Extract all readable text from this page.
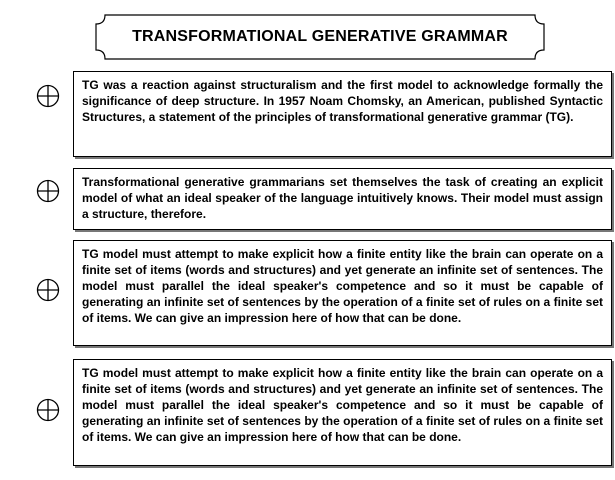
TRANSFORMATIONAL GENERATIVE GRAMMAR

TG was a reaction against structuralism and the first model to acknowledge formally the significance of deep structure. In 1957 Noam Chomsky, an American, published Syntactic Structures, a statement of the principles of transformational generative grammar (TG).

Transformational generative grammarians set themselves the task of creating an explicit model of what an ideal speaker of the language intuitively knows. Their model must assign a structure, therefore.

TG model must attempt to make explicit how a finite entity like the brain can operate on a finite set of items (words and structures) and yet generate an infinite set of sentences. The model must parallel the ideal speaker's competence and so it must be capable of generating an infinite set of sentences by the operation of a finite set of rules on a finite set of items. We can give an impression here of how that can be done.

TG model must attempt to make explicit how a finite entity like the brain can operate on a finite set of items (words and structures) and yet generate an infinite set of sentences. The model must parallel the ideal speaker's competence and so it must be capable of generating an infinite set of sentences by the operation of a finite set of rules on a finite set of items. We can give an impression here of how that can be done.
